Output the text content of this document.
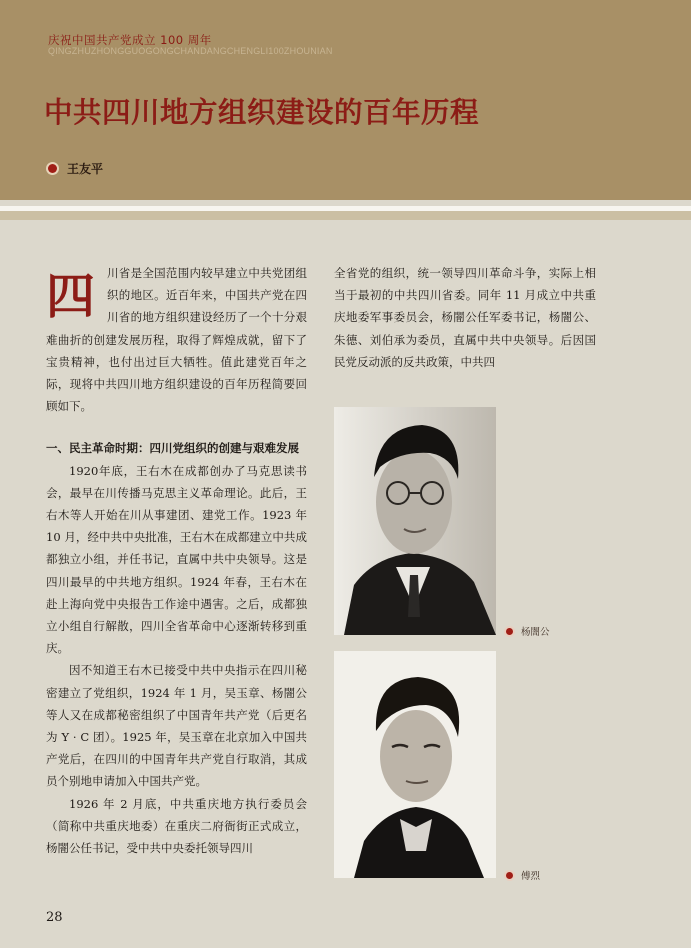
庆祝中国共产党成立 100 周年
QINGZHUZHONGGUOGONGCHANDANGCHENGLI100ZHOUNIAN
中共四川地方组织建设的百年历程
王友平

四 川省是全国范围内较早建立中共党团组织的地区。近百年来，中国共产党在四川省的地方组织建设经历了一个十分艰难曲折的创建发展历程，取得了辉煌成就，留下了宝贵精神，也付出过巨大牺牲。值此建党百年之际，现将中共四川地方组织建设的百年历程简要回顾如下。

一、民主革命时期：四川党组织的创建与艰难发展

1920年底，王右木在成都创办了马克思读书会，最早在川传播马克思主义革命理论。此后，王右木等人开始在川从事建团、建党工作。1923 年 10 月，经中共中央批准，王右木在成都建立中共成都独立小组，并任书记，直属中共中央领导。这是四川最早的中共地方组织。1924 年春，王右木在赴上海向党中央报告工作途中遇害。之后，成都独立小组自行解散，四川全省革命中心逐渐转移到重庆。

因不知道王右木已接受中共中央指示在四川秘密建立了党组织，1924 年 1 月，吴玉章、杨闇公等人又在成都秘密组织了中国青年共产党（后更名为 Y · C 团）。1925 年，吴玉章在北京加入中国共产党后，在四川的中国青年共产党自行取消，其成员个别地申请加入中国共产党。

1926 年 2 月底，中共重庆地方执行委员会（简称中共重庆地委）在重庆二府衙街正式成立，杨闇公任书记，受中共中央委托领导四川

全省党的组织，统一领导四川革命斗争，实际上相当于最初的中共四川省委。同年 11 月成立中共重庆地委军事委员会，杨闇公任军委书记，杨闇公、朱德、刘伯承为委员，直属中共中央领导。后因国民党反动派的反共政策，中共四

杨闇公
傅烈
28
